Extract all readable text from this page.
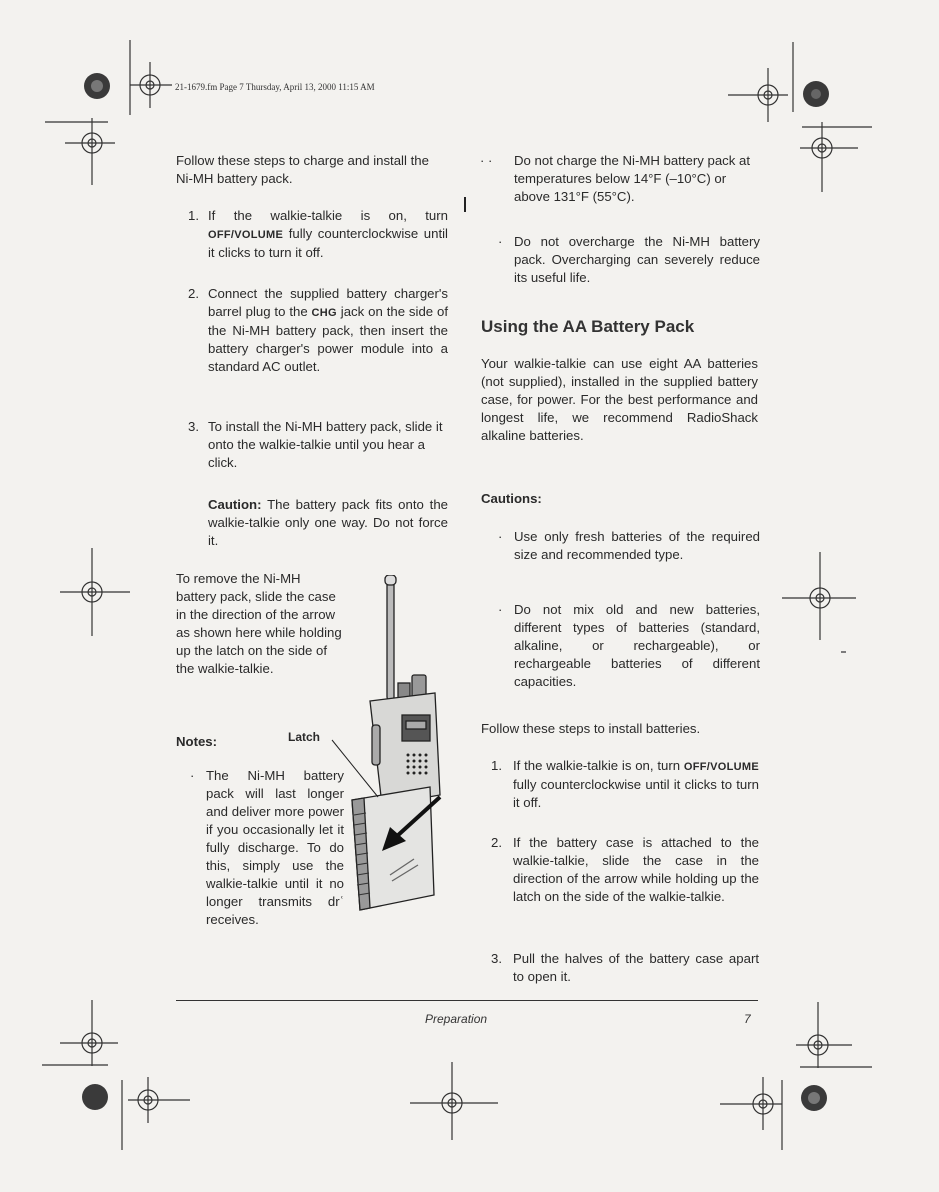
21-1679.fm Page 7 Thursday, April 13, 2000 11:15 AM
Follow these steps to charge and install the Ni-MH battery pack.
1. If the walkie-talkie is on, turn OFF/VOLUME fully counterclockwise until it clicks to turn it off.
2. Connect the supplied battery charger's barrel plug to the CHG jack on the side of the Ni-MH battery pack, then insert the battery charger's power module into a standard AC outlet.
3. To install the Ni-MH battery pack, slide it onto the walkie-talkie until you hear a click.
Caution: The battery pack fits onto the walkie-talkie only one way. Do not force it.
To remove the Ni-MH battery pack, slide the case in the direction of the arrow as shown here while holding up the latch on the side of the walkie-talkie.
Notes:	Latch
· The Ni-MH battery pack will last longer and deliver more power if you occasionally let it fully discharge. To do this, simply use the walkie-talkie until it no longer transmits drʿ receives.
· · Do not charge the Ni-MH battery pack at temperatures below 14°F (–10°C) or above 131°F (55°C).
· Do not overcharge the Ni-MH battery pack. Overcharging can severely reduce its useful life.
Using the AA Battery Pack
Your walkie-talkie can use eight AA batteries (not supplied), installed in the supplied battery case, for power. For the best performance and longest life, we recommend RadioShack alkaline batteries.
Cautions:
· Use only fresh batteries of the required size and recommended type.
· Do not mix old and new batteries, different types of batteries (standard, alkaline, or rechargeable), or rechargeable batteries of different capacities.
Follow these steps to install batteries.
1. If the walkie-talkie is on, turn OFF/VOLUME fully counterclockwise until it clicks to turn it off.
2. If the battery case is attached to the walkie-talkie, slide the case in the direction of the arrow while holding up the latch on the side of the walkie-talkie.
3. Pull the halves of the battery case apart to open it.
Preparation	7
